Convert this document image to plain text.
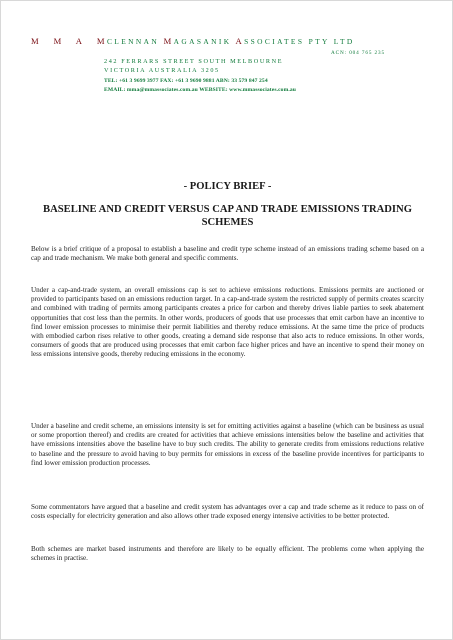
M M A MCLENNAN MAGASANIK ASSOCIATES PTY LTD
ACN: 004 765 235
242 FERRARS STREET SOUTH MELBOURNE
VICTORIA AUSTRALIA 3205
TEL: +61 3 9699 3977 FAX: +61 3 9690 9881 ABN: 33 579 847 254
EMAIL: mma@mmassociates.com.au WEBSITE: www.mmassociates.com.au
- POLICY BRIEF -
BASELINE AND CREDIT VERSUS CAP AND TRADE EMISSIONS TRADING SCHEMES

Below is a brief critique of a proposal to establish a baseline and credit type scheme instead of an emissions trading scheme based on a cap and trade mechanism. We make both general and specific comments.

Under a cap-and-trade system, an overall emissions cap is set to achieve emissions reductions. Emissions permits are auctioned or provided to participants based on an emissions reduction target. In a cap-and-trade system the restricted supply of permits creates scarcity and combined with trading of permits among participants creates a price for carbon and thereby drives liable parties to seek abatement opportunities that cost less than the permits. In other words, producers of goods that use processes that emit carbon have an incentive to find lower emission processes to minimise their permit liabilities and thereby reduce emissions. At the same time the price of products with embodied carbon rises relative to other goods, creating a demand side response that also acts to reduce emissions. In other words, consumers of goods that are produced using processes that emit carbon face higher prices and have an incentive to spend their money on less emissions intensive goods, thereby reducing emissions in the economy.

Under a baseline and credit scheme, an emissions intensity is set for emitting activities against a baseline (which can be business as usual or some proportion thereof) and credits are created for activities that achieve emissions intensities below the baseline and activities that have emissions intensities above the baseline have to buy such credits. The ability to generate credits from emissions reductions relative to baseline and the pressure to avoid having to buy permits for emissions in excess of the baseline provide incentives for participants to find lower emission production processes.

Some commentators have argued that a baseline and credit system has advantages over a cap and trade scheme as it reduce to pass on of costs especially for electricity generation and also allows other trade exposed energy intensive activities to be better protected.

Both schemes are market based instruments and therefore are likely to be equally efficient. The problems come when applying the schemes in practise.
